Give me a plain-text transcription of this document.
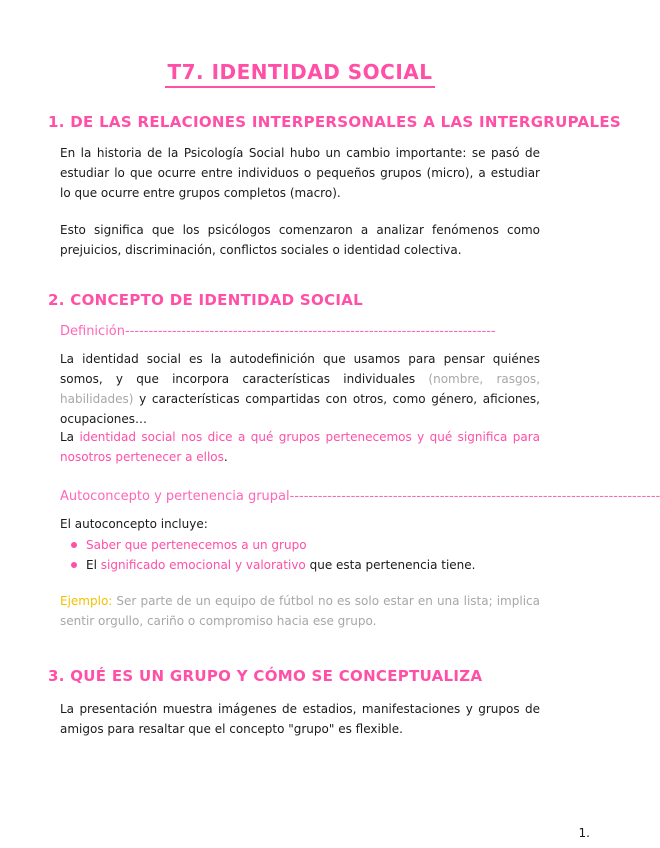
T7. IDENTIDAD SOCIAL
1. DE LAS RELACIONES INTERPERSONALES A LAS INTERGRUPALES

En la historia de la Psicología Social hubo un cambio importante: se pasó de estudiar lo que ocurre entre individuos o pequeños grupos (micro), a estudiar lo que ocurre entre grupos completos (macro).

Esto significa que los psicólogos comenzaron a analizar fenómenos como prejuicios, discriminación, conflictos sociales o identidad colectiva.

2. CONCEPTO DE IDENTIDAD SOCIAL
Definición-------------------------------------------------------------------------------

La identidad social es la autodefinición que usamos para pensar quiénes somos, y que incorpora características individuales (nombre, rasgos, habilidades) y características compartidas con otros, como género, aficiones, ocupaciones…

La identidad social nos dice a qué grupos pertenecemos y qué significa para nosotros pertenecer a ellos.

Autoconcepto y pertenencia grupal-------------------------------------------------------------------------------
El autoconcepto incluye:
Saber que pertenecemos a un grupo
El significado emocional y valorativo que esta pertenencia tiene.

Ejemplo: Ser parte de un equipo de fútbol no es solo estar en una lista; implica sentir orgullo, cariño o compromiso hacia ese grupo.

3. QUÉ ES UN GRUPO Y CÓMO SE CONCEPTUALIZA

La presentación muestra imágenes de estadios, manifestaciones y grupos de amigos para resaltar que el concepto "grupo" es flexible.

1.
